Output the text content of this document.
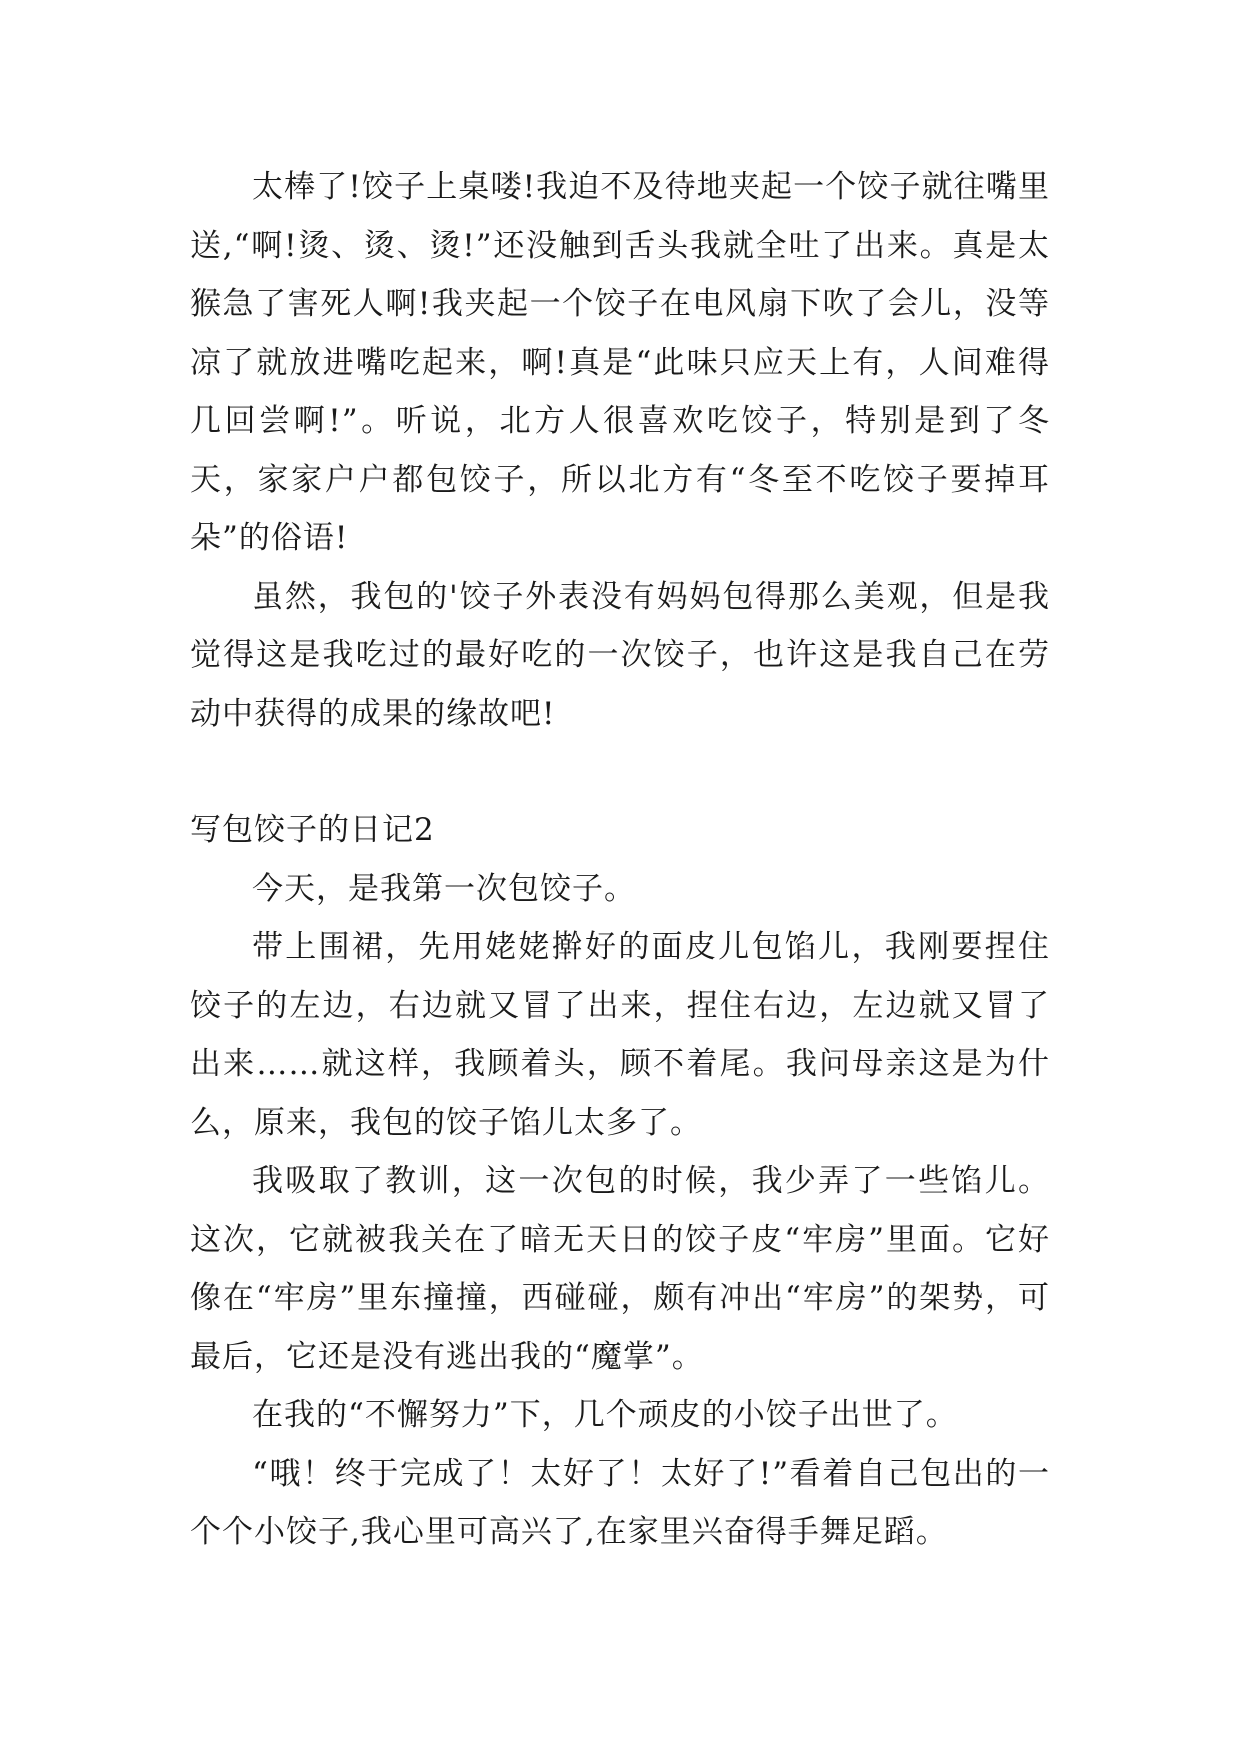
太棒了!饺子上桌喽!我迫不及待地夹起一个饺子就往嘴里送,“啊!烫、烫、烫!”还没触到舌头我就全吐了出来。真是太猴急了害死人啊!我夹起一个饺子在电风扇下吹了会儿，没等凉了就放进嘴吃起来，啊!真是“此味只应天上有，人间难得几回尝啊!”。听说，北方人很喜欢吃饺子，特别是到了冬天，家家户户都包饺子，所以北方有“冬至不吃饺子要掉耳朵”的俗语!

虽然，我包的'饺子外表没有妈妈包得那么美观，但是我觉得这是我吃过的最好吃的一次饺子，也许这是我自己在劳动中获得的成果的缘故吧!

写包饺子的日记2

今天，是我第一次包饺子。

带上围裙，先用姥姥擀好的面皮儿包馅儿，我刚要捏住饺子的左边，右边就又冒了出来，捏住右边，左边就又冒了出来……就这样，我顾着头，顾不着尾。我问母亲这是为什么，原来，我包的饺子馅儿太多了。

我吸取了教训，这一次包的时候，我少弄了一些馅儿。这次，它就被我关在了暗无天日的饺子皮“牢房”里面。它好像在“牢房”里东撞撞，西碰碰，颇有冲出“牢房”的架势，可最后，它还是没有逃出我的“魔掌”。

在我的“不懈努力”下，几个顽皮的小饺子出世了。

“哦！终于完成了！太好了！太好了!”看着自己包出的一个个小饺子,我心里可高兴了,在家里兴奋得手舞足蹈。
